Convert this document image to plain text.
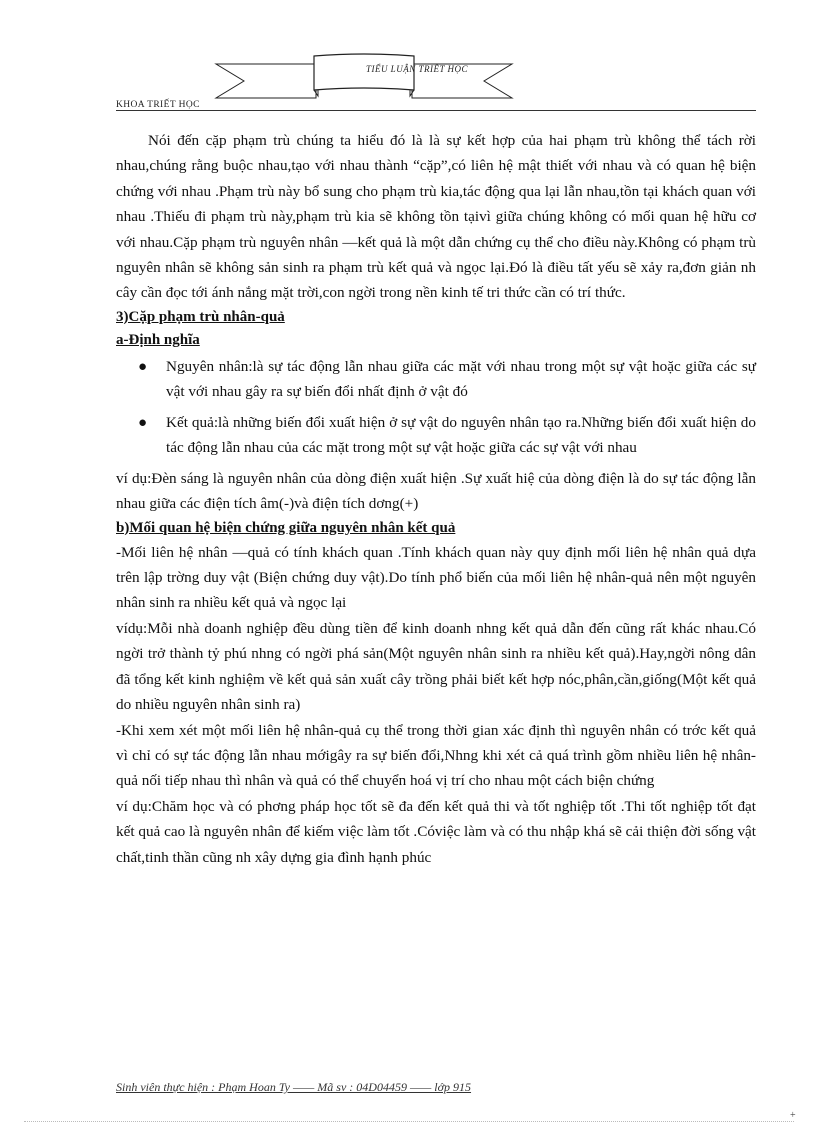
TIỂU LUẬN TRIẾT HỌC
KHOA TRIẾT HỌC

Nói đến cặp phạm trù chúng ta hiểu đó là là sự kết hợp của hai phạm trù không thể tách rời nhau,chúng rằng buộc nhau,tạo với nhau thành “cặp”,có liên hệ mật thiết với nhau và có quan hệ biện chứng với nhau .Phạm trù này bổ sung cho phạm trù kia,tác động qua lại lẫn nhau,tồn tại khách quan với nhau .Thiếu đi phạm trù này,phạm trù kia sẽ không tồn tạivì giữa chúng không có mối quan hệ hữu cơ với nhau.Cặp phạm trù nguyên nhân —kết quả là một dẫn chứng cụ thể cho điều này.Không có phạm trù nguyên nhân sẽ không sản sinh ra phạm trù kết quả và ngọc lại.Đó là điều tất yếu sẽ xảy ra,đơn giản nh cây cần đọc tới ánh nắng mặt trời,con ngời trong nền kinh tế tri thức cần có trí thức.

3)Cặp phạm trù nhân-quả

a-Định nghĩa

● Nguyên nhân:là sự tác động lẫn nhau giữa các mặt với nhau trong một sự vật hoặc giữa các sự vật với nhau gây ra sự biến đổi nhất định ở vật đó
● Kết quả:là những biến đổi xuất hiện ở sự vật do nguyên nhân tạo ra.Những biến đổi xuất hiện do tác động lẫn nhau của các mặt trong một sự vật hoặc giữa các sự vật với nhau

ví dụ:Đèn sáng là nguyên nhân của dòng điện xuất hiện .Sự xuất hiệ của dòng điện là do sự tác động lẫn nhau giữa các điện tích âm(-)và điện tích dơng(+)

b)Mối quan hệ biện chứng giữa nguyên nhân kết quả

-Mối liên hệ nhân —quả có tính khách quan .Tính khách quan này quy định mối liên hệ nhân quả dựa trên lập trờng duy vật (Biện chứng duy vật).Do tính phổ biến của mối liên hệ nhân-quả nên một nguyên nhân sinh ra nhiều kết quả và ngọc lại

vídụ:Mỗi nhà doanh nghiệp đều dùng tiền để kinh doanh nhng kết quả dẫn đến cũng rất khác nhau.Có ngời trở thành tỷ phú nhng có ngời phá sản(Một nguyên nhân sinh ra nhiều kết quả).Hay,ngời nông dân đã tổng kết kinh nghiệm về kết quả sản xuất cây trồng phải biết kết hợp nóc,phân,cần,giống(Một kết quả do nhiều nguyên nhân sinh ra)

-Khi xem xét một mối liên hệ nhân-quả cụ thể trong thời gian xác định thì nguyên nhân có trớc kết quả vì chỉ có sự tác động lẫn nhau mớigây ra sự biến đổi,Nhng khi xét cả quá trình gồm nhiều liên hệ nhân- quả nối tiếp nhau thì nhân và quả có thể chuyển hoá vị trí cho nhau một cách biện chứng

ví dụ:Chăm học và có phơng pháp học tốt sẽ đa đến kết quả thi và tốt nghiệp tốt .Thi tốt nghiệp tốt đạt kết quả cao là nguyên nhân để kiếm việc làm tốt .Cóviệc làm và có thu nhập khá sẽ cải thiện đời sống vật chất,tinh thần cũng nh xây dựng gia đình hạnh phúc

Sinh viên thực hiện : Phạm Hoan Ty —— Mã sv : 04D04459 —— lớp 915
+
